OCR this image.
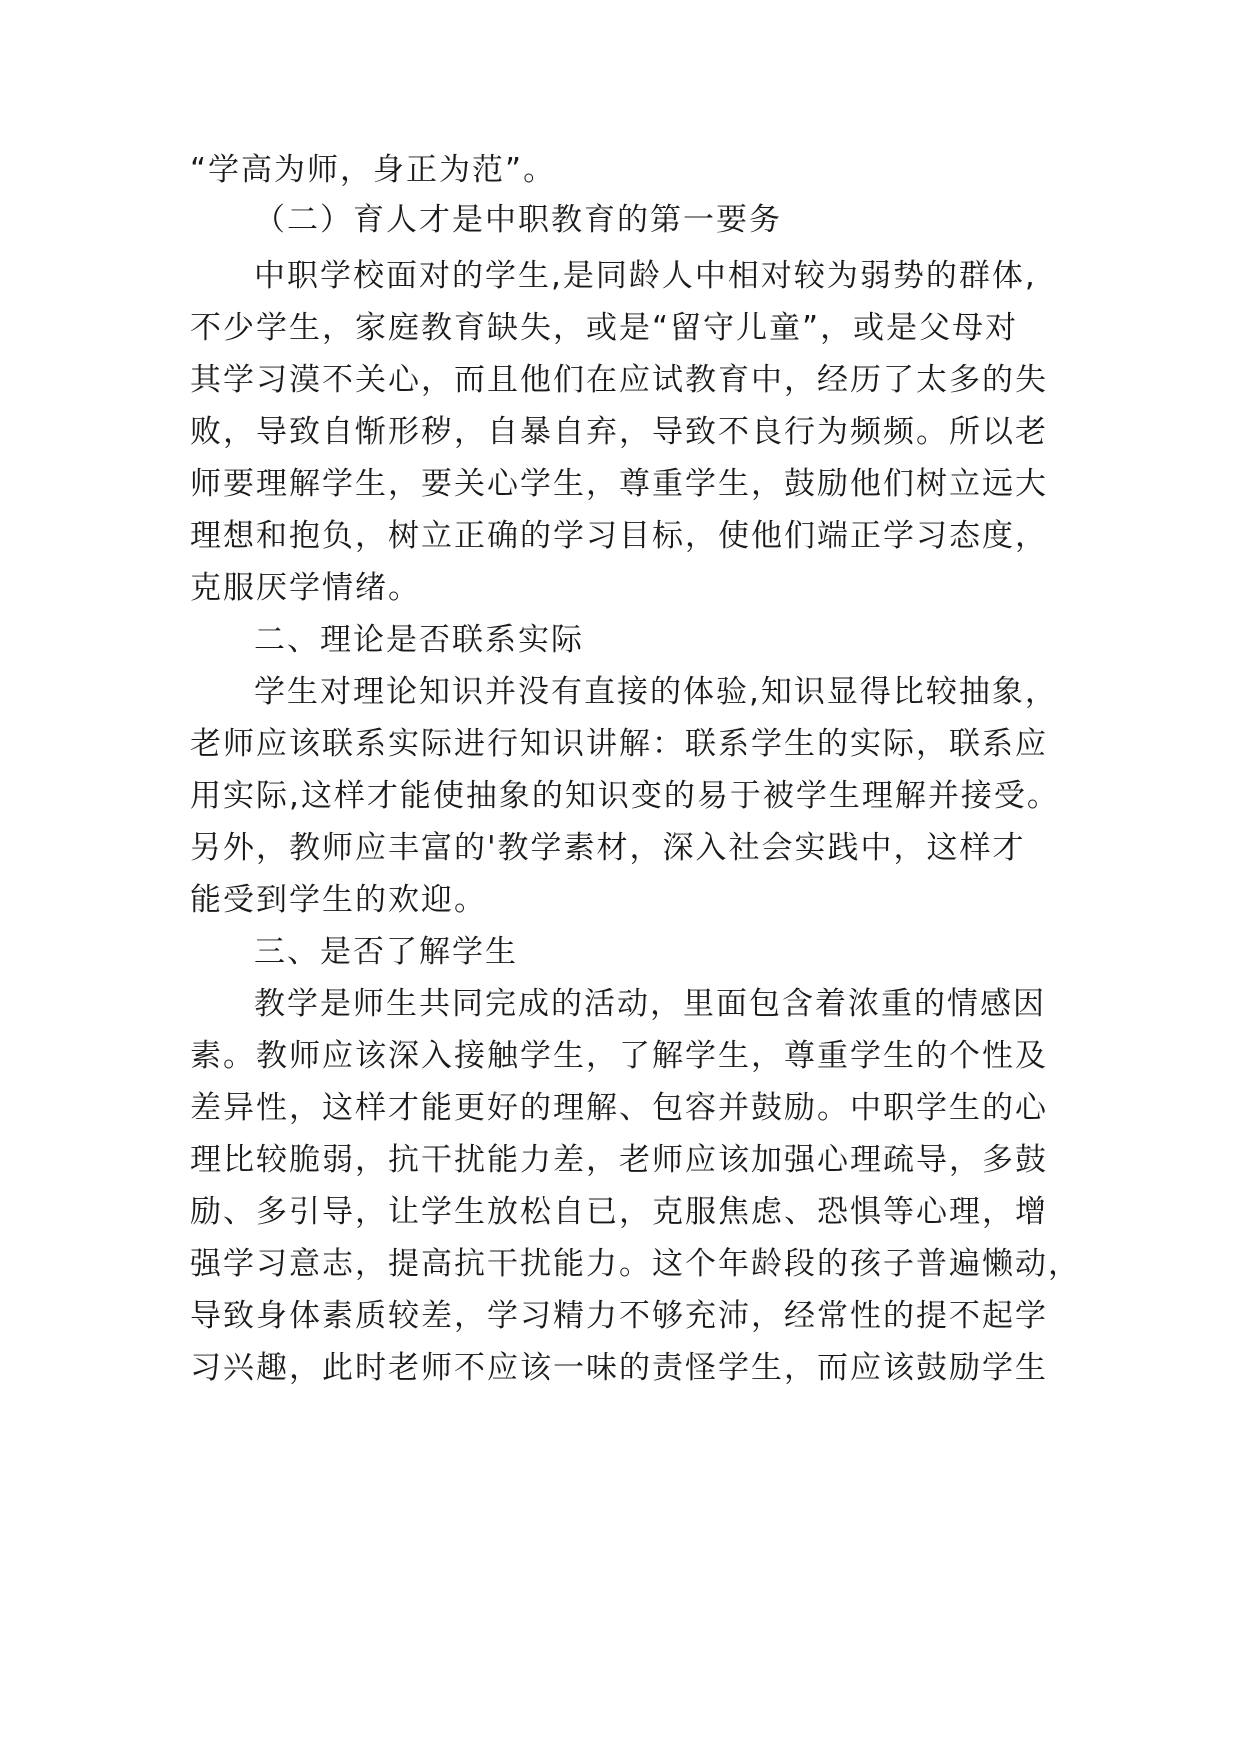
“学高为师，身正为范”。

（二）育人才是中职教育的第一要务

中职学校面对的学生,是同龄人中相对较为弱势的群体,

不少学生，家庭教育缺失，或是“留守儿童”，或是父母对

其学习漠不关心，而且他们在应试教育中，经历了太多的失

败，导致自惭形秽，自暴自弃，导致不良行为频频。所以老

师要理解学生，要关心学生，尊重学生，鼓励他们树立远大

理想和抱负，树立正确的学习目标，使他们端正学习态度，

克服厌学情绪。

二、理论是否联系实际

学生对理论知识并没有直接的体验,知识显得比较抽象，

老师应该联系实际进行知识讲解：联系学生的实际，联系应

用实际,这样才能使抽象的知识变的易于被学生理解并接受。

另外，教师应丰富的'教学素材，深入社会实践中，这样才

能受到学生的欢迎。

三、是否了解学生

教学是师生共同完成的活动，里面包含着浓重的情感因

素。教师应该深入接触学生，了解学生，尊重学生的个性及

差异性，这样才能更好的理解、包容并鼓励。中职学生的心

理比较脆弱，抗干扰能力差，老师应该加强心理疏导，多鼓

励、多引导，让学生放松自已，克服焦虑、恐惧等心理，增

强学习意志，提高抗干扰能力。这个年龄段的孩子普遍懒动，

导致身体素质较差，学习精力不够充沛，经常性的提不起学

习兴趣，此时老师不应该一味的责怪学生，而应该鼓励学生
